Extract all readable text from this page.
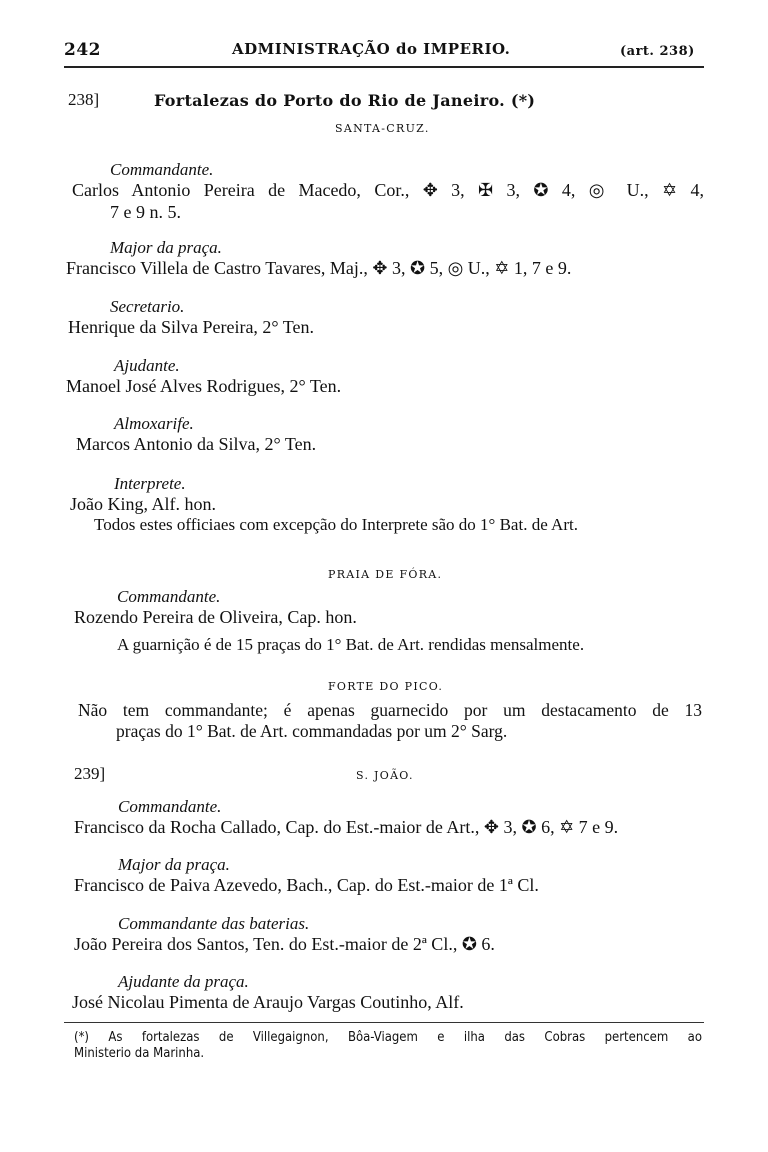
242	ADMINISTRAÇÃO do IMPERIO.	(art. 238)
238]	Fortalezas do Porto do Rio de Janeiro. (*)
SANTA-CRUZ.
Commandante.
Carlos Antonio Pereira de Macedo, Cor., ✥ 3, ✠ 3, ✪ 4, ◎ U., ✡ 4,
7 e 9 n. 5.
Major da praça.
Francisco Villela de Castro Tavares, Maj., ✥ 3, ✪ 5, ◎ U., ✡ 1, 7 e 9.
Secretario.
Henrique da Silva Pereira, 2° Ten.
Ajudante.
Manoel José Alves Rodrigues, 2° Ten.
Almoxarife.
Marcos Antonio da Silva, 2° Ten.
Interprete.
João King, Alf. hon.
Todos estes officiaes com excepção do Interprete são do 1° Bat. de Art.
PRAIA DE FÓRA.
Commandante.
Rozendo Pereira de Oliveira, Cap. hon.
A guarnição é de 15 praças do 1° Bat. de Art. rendidas mensalmente.
FORTE DO PICO.
Não tem commandante; é apenas guarnecido por um destacamento de 13
praças do 1° Bat. de Art. commandadas por um 2° Sarg.
239]	S. JOÃO.
Commandante.
Francisco da Rocha Callado, Cap. do Est.-maior de Art., ✥ 3, ✪ 6, ✡ 7 e 9.
Major da praça.
Francisco de Paiva Azevedo, Bach., Cap. do Est.-maior de 1ª Cl.
Commandante das baterias.
João Pereira dos Santos, Ten. do Est.-maior de 2ª Cl., ✪ 6.
Ajudante da praça.
José Nicolau Pimenta de Araujo Vargas Coutinho, Alf.
(*) As fortalezas de Villegaignon, Bôa-Viagem e ilha das Cobras pertencem ao
Ministerio da Marinha.
